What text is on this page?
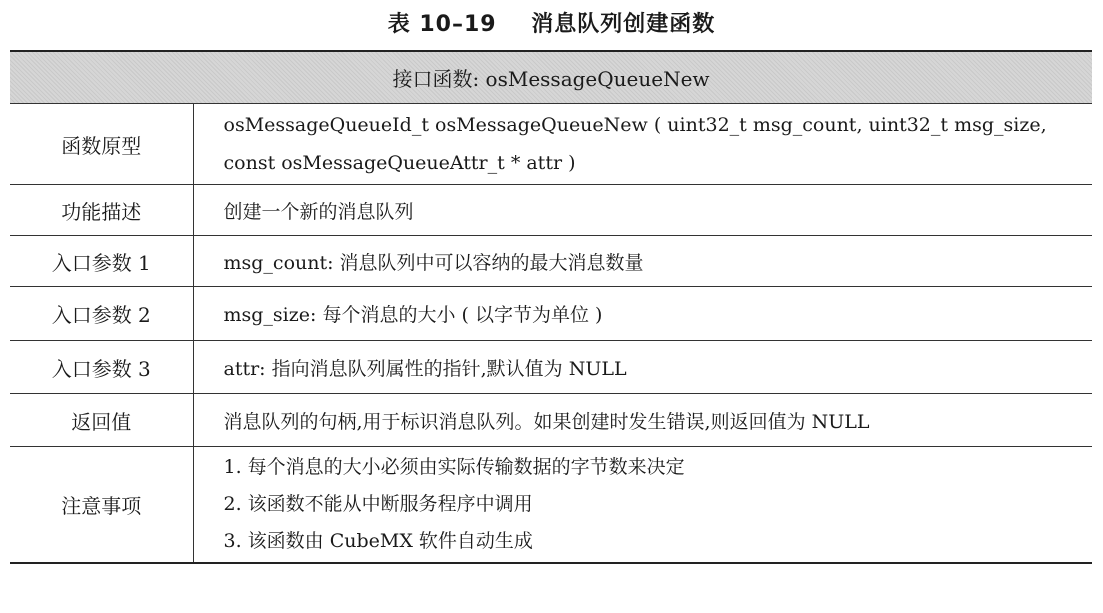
表 10–19 消息队列创建函数
接口函数: osMessageQueueNew	
函数原型	osMessageQueueId_t osMessageQueueNew ( uint32_t msg_count, uint32_t msg_size,
const osMessageQueueAttr_t * attr )

功能描述	创建一个新的消息队列
入口参数 1	msg_count: 消息队列中可以容纳的最大消息数量
入口参数 2	msg_size: 每个消息的大小 ( 以字节为单位 )
入口参数 3	attr: 指向消息队列属性的指针,默认值为 NULL
返回值	消息队列的句柄,用于标识消息队列。如果创建时发生错误,则返回值为 NULL
注意事项	1. 每个消息的大小必须由实际传输数据的字节数来决定
2. 该函数不能从中断服务程序中调用
3. 该函数由 CubeMX 软件自动生成
